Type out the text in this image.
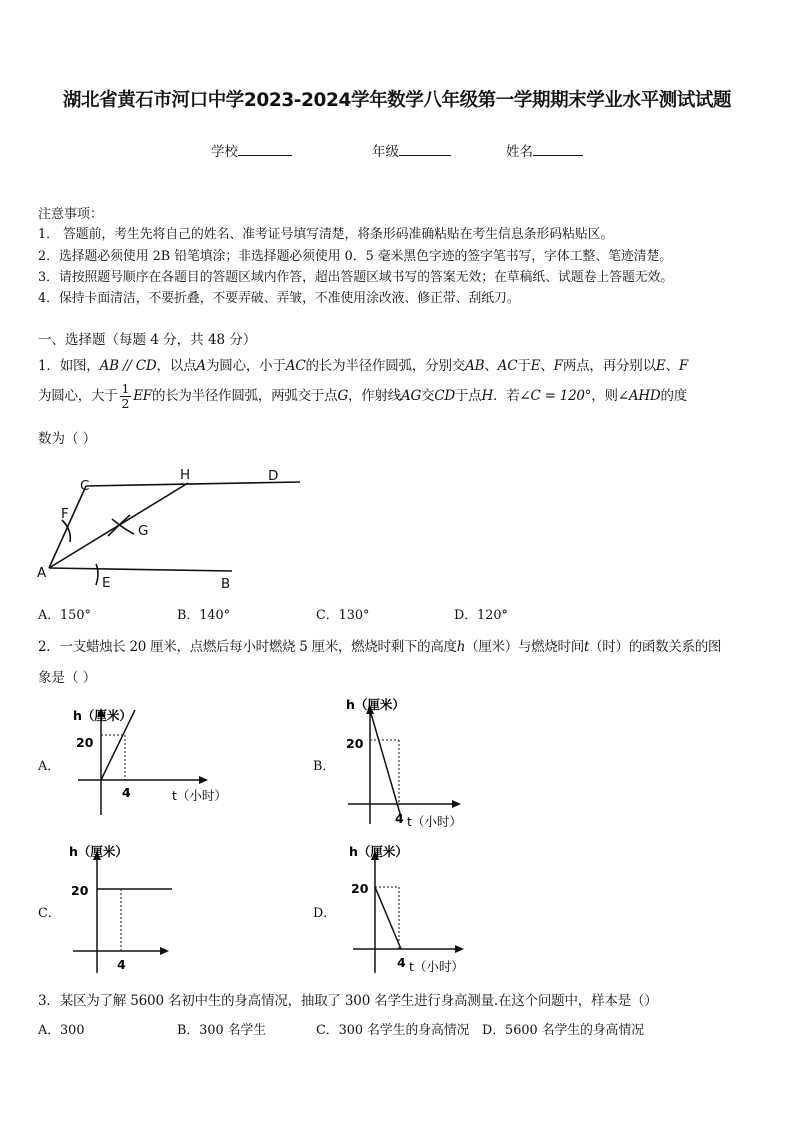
湖北省黄石市河口中学2023-2024学年数学八年级第一学期期末学业水平测试试题
学校	年级	姓名
注意事项：
1． 答题前，考生先将自己的姓名、准考证号填写清楚，将条形码准确粘贴在考生信息条形码粘贴区。
2．选择题必须使用 2B 铅笔填涂；非选择题必须使用 0．5 毫米黑色字迹的签字笔书写，字体工整、笔迹清楚。
3．请按照题号顺序在各题目的答题区域内作答，超出答题区域书写的答案无效；在草稿纸、试题卷上答题无效。
4．保持卡面清洁，不要折叠，不要弄破、弄皱，不准使用涂改液、修正带、刮纸刀。
一、选择题（每题 4 分，共 48 分）
1．如图，AB // CD，以点A为圆心，小于AC的长为半径作圆弧，分别交AB、AC于E、F两点，再分别以E、F
为圆心，大于 $\frac{1}{2}$ EF的长为半径作圆弧，两弧交于点G，作射线AG交CD于点H．若∠C = 120°，则∠AHD的度
数为（ ）
C
H	D
F
G
A
E	B
A．150°	B．140°	C．130°	D．120°
2．一支蜡烛长 20 厘米，点燃后每小时燃烧 5 厘米，燃烧时剩下的高度h（厘米）与燃烧时间t（时）的函数关系的图
象是（ ）
A．
h（厘米）
20
4	t（小时）
B．
h（厘米）
20
4 t（小时）
C．
h（厘米）
20
4
D．
h（厘米）
20
4 t（小时）
3．某区为了解 5600 名初中生的身高情况，抽取了 300 名学生进行身高测量.在这个问题中，样本是（）
A．300	B．300 名学生	C．300 名学生的身高情况 D．5600 名学生的身高情况
